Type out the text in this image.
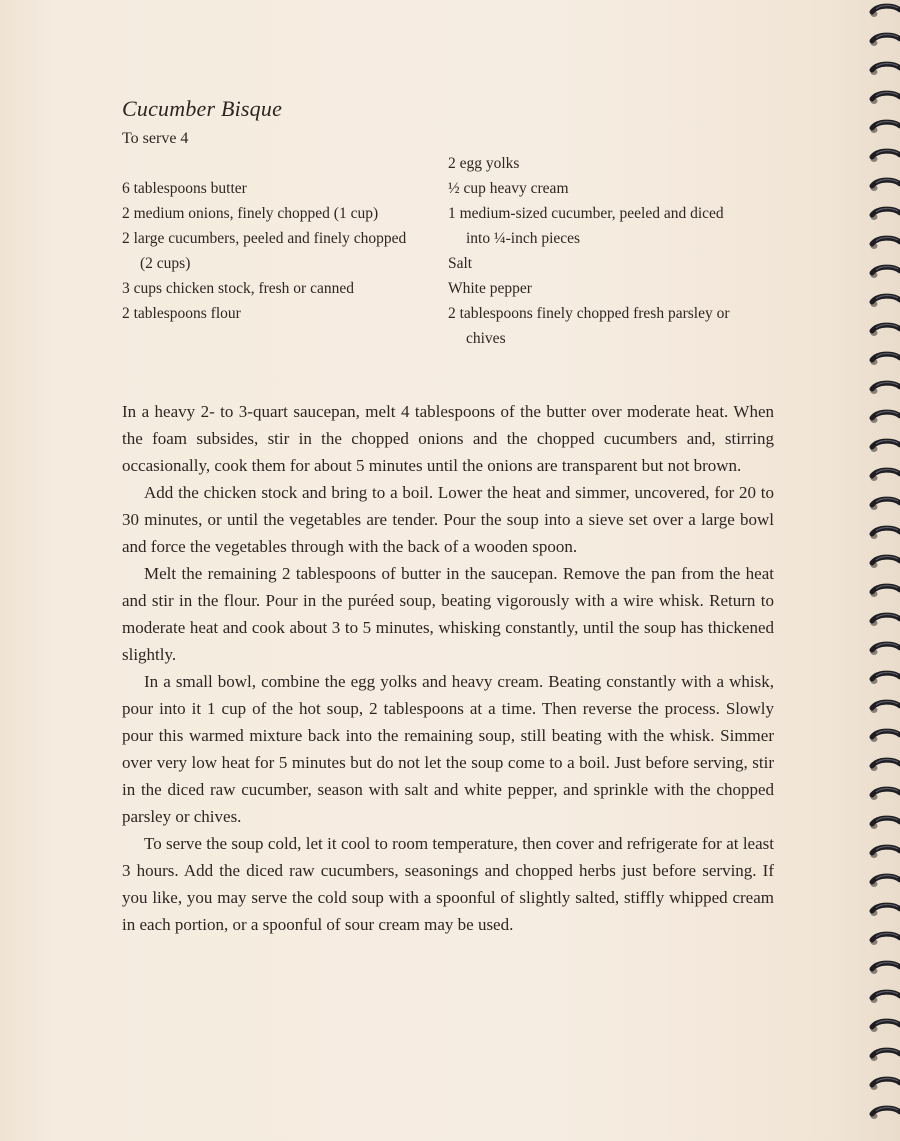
Cucumber Bisque
To serve 4

6 tablespoons butter

2 medium onions, finely chopped (1 cup)

2 large cucumbers, peeled and finely chopped (2 cups)

3 cups chicken stock, fresh or canned

2 tablespoons flour

2 egg yolks

½ cup heavy cream

1 medium-sized cucumber, peeled and diced into ¼-inch pieces

Salt

White pepper

2 tablespoons finely chopped fresh parsley or chives

In a heavy 2- to 3-quart saucepan, melt 4 tablespoons of the butter over moderate heat. When the foam subsides, stir in the chopped onions and the chopped cucumbers and, stirring occasionally, cook them for about 5 minutes until the onions are transparent but not brown.

Add the chicken stock and bring to a boil. Lower the heat and simmer, uncovered, for 20 to 30 minutes, or until the vegetables are tender. Pour the soup into a sieve set over a large bowl and force the vegetables through with the back of a wooden spoon.

Melt the remaining 2 tablespoons of butter in the saucepan. Remove the pan from the heat and stir in the flour. Pour in the puréed soup, beating vigorously with a wire whisk. Return to moderate heat and cook about 3 to 5 minutes, whisking constantly, until the soup has thickened slightly.

In a small bowl, combine the egg yolks and heavy cream. Beating constantly with a whisk, pour into it 1 cup of the hot soup, 2 tablespoons at a time. Then reverse the process. Slowly pour this warmed mixture back into the remaining soup, still beating with the whisk. Simmer over very low heat for 5 minutes but do not let the soup come to a boil. Just before serving, stir in the diced raw cucumber, season with salt and white pepper, and sprinkle with the chopped parsley or chives.

To serve the soup cold, let it cool to room temperature, then cover and refrigerate for at least 3 hours. Add the diced raw cucumbers, seasonings and chopped herbs just before serving. If you like, you may serve the cold soup with a spoonful of slightly salted, stiffly whipped cream in each portion, or a spoonful of sour cream may be used.
